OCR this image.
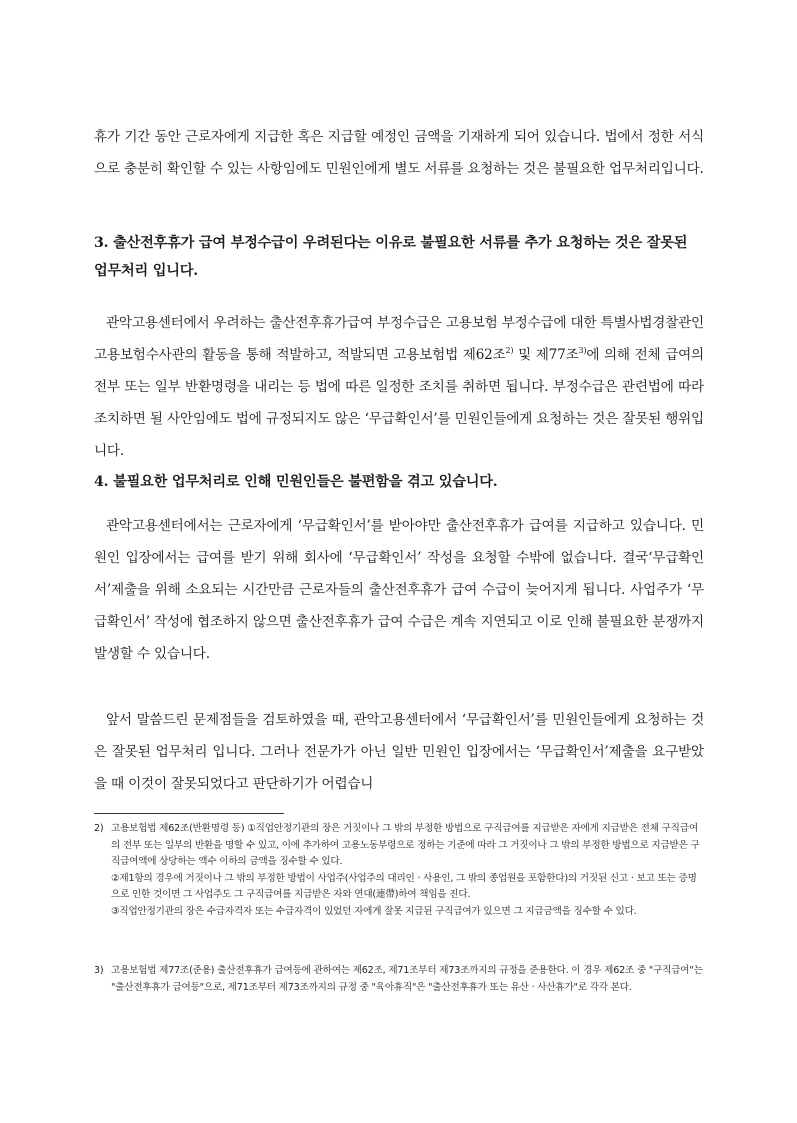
휴가 기간 동안 근로자에게 지급한 혹은 지급할 예정인 금액을 기재하게 되어 있습니다. 법에서 정한 서식으로 충분히 확인할 수 있는 사항임에도 민원인에게 별도 서류를 요청하는 것은 불필요한 업무처리입니다.

3. 출산전후휴가 급여 부정수급이 우려된다는 이유로 불필요한 서류를 추가 요청하는 것은 잘못된 업무처리 입니다.

관악고용센터에서 우려하는 출산전후휴가급여 부정수급은 고용보험 부정수급에 대한 특별사법경찰관인 고용보험수사관의 활동을 통해 적발하고, 적발되면 고용보험법 제62조$^{2)}$ 및 제77조$^{3)}$에 의해 전체 급여의 전부 또는 일부 반환명령을 내리는 등 법에 따른 일정한 조치를 취하면 됩니다. 부정수급은 관련법에 따라 조치하면 될 사안임에도 법에 규정되지도 않은 ‘무급확인서’를 민원인들에게 요청하는 것은 잘못된 행위입니다.

4. 불필요한 업무처리로 인해 민원인들은 불편함을 겪고 있습니다.

관악고용센터에서는 근로자에게 ‘무급확인서’를 받아야만 출산전후휴가 급여를 지급하고 있습니다. 민원인 입장에서는 급여를 받기 위해 회사에 ‘무급확인서’ 작성을 요청할 수밖에 없습니다. 결국‘무급확인서’제출을 위해 소요되는 시간만큼 근로자들의 출산전후휴가 급여 수급이 늦어지게 됩니다. 사업주가 ‘무급확인서’ 작성에 협조하지 않으면 출산전후휴가 급여 수급은 계속 지연되고 이로 인해 불필요한 분쟁까지 발생할 수 있습니다.

앞서 말씀드린 문제점들을 검토하였을 때, 관악고용센터에서 ‘무급확인서’를 민원인들에게 요청하는 것은 잘못된 업무처리 입니다. 그러나 전문가가 아닌 일반 민원인 입장에서는 ‘무급확인서’제출을 요구받았을 때 이것이 잘못되었다고 판단하기가 어렵습니

2) 고용보험법 제62조(반환명령 등) ①직업안정기관의 장은 거짓이나 그 밖의 부정한 방법으로 구직급여를 지급받은 자에게 지급받은 전체 구직급여의 전부 또는 일부의 반환을 명할 수 있고, 이에 추가하여 고용노동부령으로 정하는 기준에 따라 그 거짓이나 그 밖의 부정한 방법으로 지급받은 구직급여액에 상당하는 액수 이하의 금액을 징수할 수 있다.
②제1항의 경우에 거짓이나 그 밖의 부정한 방법이 사업주(사업주의 대리인 · 사용인, 그 밖의 종업원을 포함한다)의 거짓된 신고 · 보고 또는 증명으로 인한 것이면 그 사업주도 그 구직급여를 지급받은 자와 연대(連帶)하여 책임을 진다.
③직업안정기관의 장은 수급자격자 또는 수급자격이 있었던 자에게 잘못 지급된 구직급여가 있으면 그 지급금액을 징수할 수 있다.
3) 고용보험법 제77조(준용) 출산전후휴가 급여등에 관하여는 제62조, 제71조부터 제73조까지의 규정을 준용한다. 이 경우 제62조 중 "구직급여"는 "출산전후휴가 급여등"으로, 제71조부터 제73조까지의 규정 중 "육아휴직"은 "출산전후휴가 또는 유산 · 사산휴가"로 각각 본다.
